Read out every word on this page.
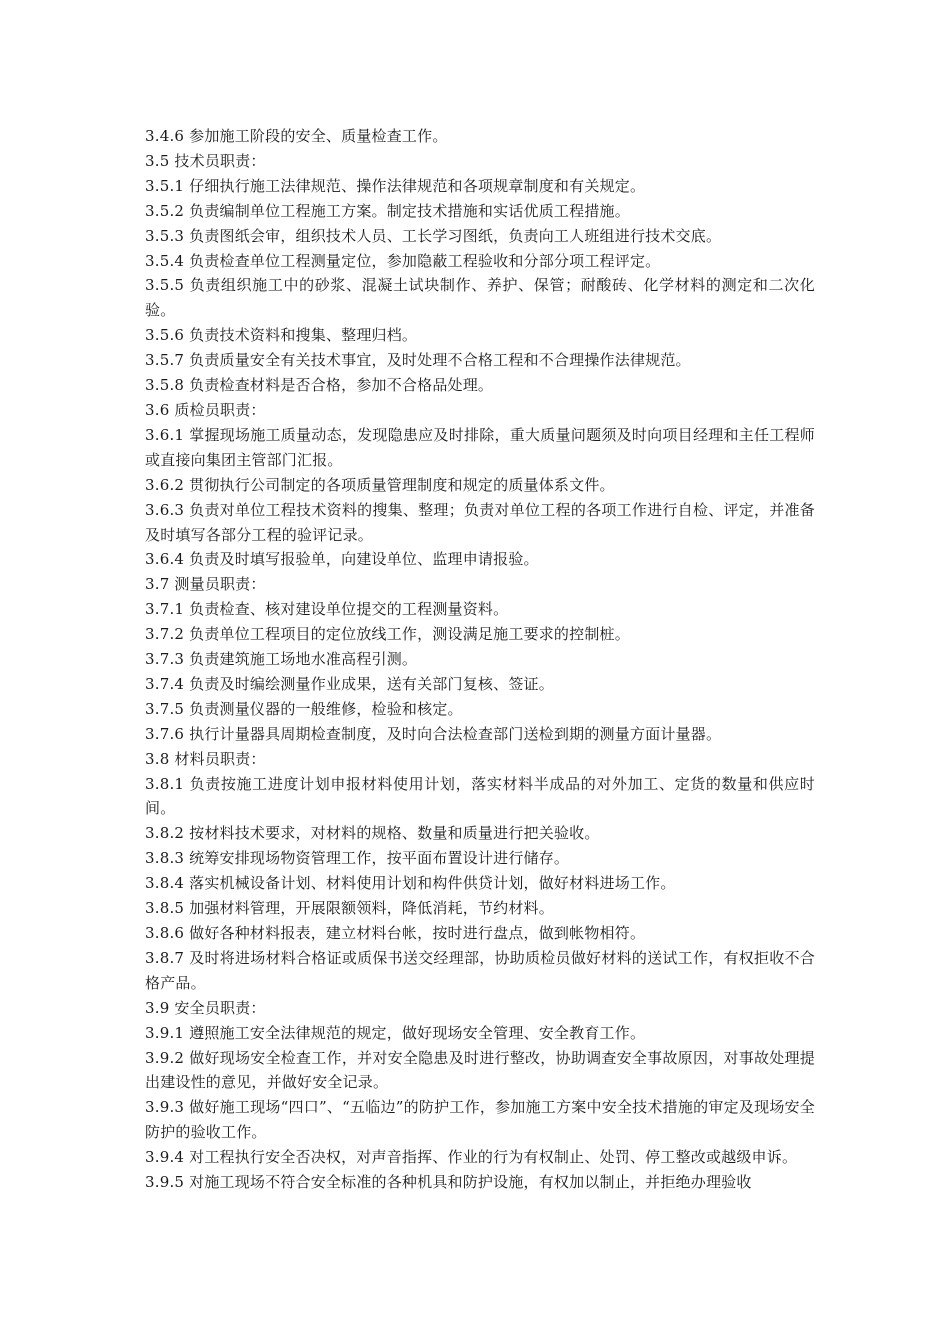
3.4.6 参加施工阶段的安全、质量检查工作。

3.5 技术员职责：

3.5.1 仔细执行施工法律规范、操作法律规范和各项规章制度和有关规定。

3.5.2 负责编制单位工程施工方案。制定技术措施和实话优质工程措施。

3.5.3 负责图纸会审，组织技术人员、工长学习图纸，负责向工人班组进行技术交底。

3.5.4 负责检查单位工程测量定位，参加隐蔽工程验收和分部分项工程评定。

3.5.5 负责组织施工中的砂浆、混凝土试块制作、养护、保管；耐酸砖、化学材料的测定和二次化验。

3.5.6 负责技术资料和搜集、整理归档。

3.5.7 负责质量安全有关技术事宜，及时处理不合格工程和不合理操作法律规范。

3.5.8 负责检查材料是否合格，参加不合格品处理。

3.6 质检员职责：

3.6.1 掌握现场施工质量动态，发现隐患应及时排除，重大质量问题须及时向项目经理和主任工程师或直接向集团主管部门汇报。

3.6.2 贯彻执行公司制定的各项质量管理制度和规定的质量体系文件。

3.6.3 负责对单位工程技术资料的搜集、整理；负责对单位工程的各项工作进行自检、评定，并准备及时填写各部分工程的验评记录。

3.6.4 负责及时填写报验单，向建设单位、监理申请报验。

3.7 测量员职责：

3.7.1 负责检查、核对建设单位提交的工程测量资料。

3.7.2 负责单位工程项目的定位放线工作，测设满足施工要求的控制桩。

3.7.3 负责建筑施工场地水准高程引测。

3.7.4 负责及时编绘测量作业成果，送有关部门复核、签证。

3.7.5 负责测量仪器的一般维修，检验和核定。

3.7.6 执行计量器具周期检查制度，及时向合法检查部门送检到期的测量方面计量器。

3.8 材料员职责：

3.8.1 负责按施工进度计划申报材料使用计划，落实材料半成品的对外加工、定货的数量和供应时间。

3.8.2 按材料技术要求，对材料的规格、数量和质量进行把关验收。

3.8.3 统筹安排现场物资管理工作，按平面布置设计进行储存。

3.8.4 落实机械设备计划、材料使用计划和构件供贷计划，做好材料进场工作。

3.8.5 加强材料管理，开展限额领料，降低消耗，节约材料。

3.8.6 做好各种材料报表，建立材料台帐，按时进行盘点，做到帐物相符。

3.8.7 及时将进场材料合格证或质保书送交经理部，协助质检员做好材料的送试工作，有权拒收不合格产品。

3.9 安全员职责：

3.9.1 遵照施工安全法律规范的规定，做好现场安全管理、安全教育工作。

3.9.2 做好现场安全检查工作，并对安全隐患及时进行整改，协助调查安全事故原因，对事故处理提出建设性的意见，并做好安全记录。

3.9.3 做好施工现场“四口”、“五临边”的防护工作，参加施工方案中安全技术措施的审定及现场安全防护的验收工作。

3.9.4 对工程执行安全否决权，对声音指挥、作业的行为有权制止、处罚、停工整改或越级申诉。

3.9.5 对施工现场不符合安全标准的各种机具和防护设施，有权加以制止，并拒绝办理验收
